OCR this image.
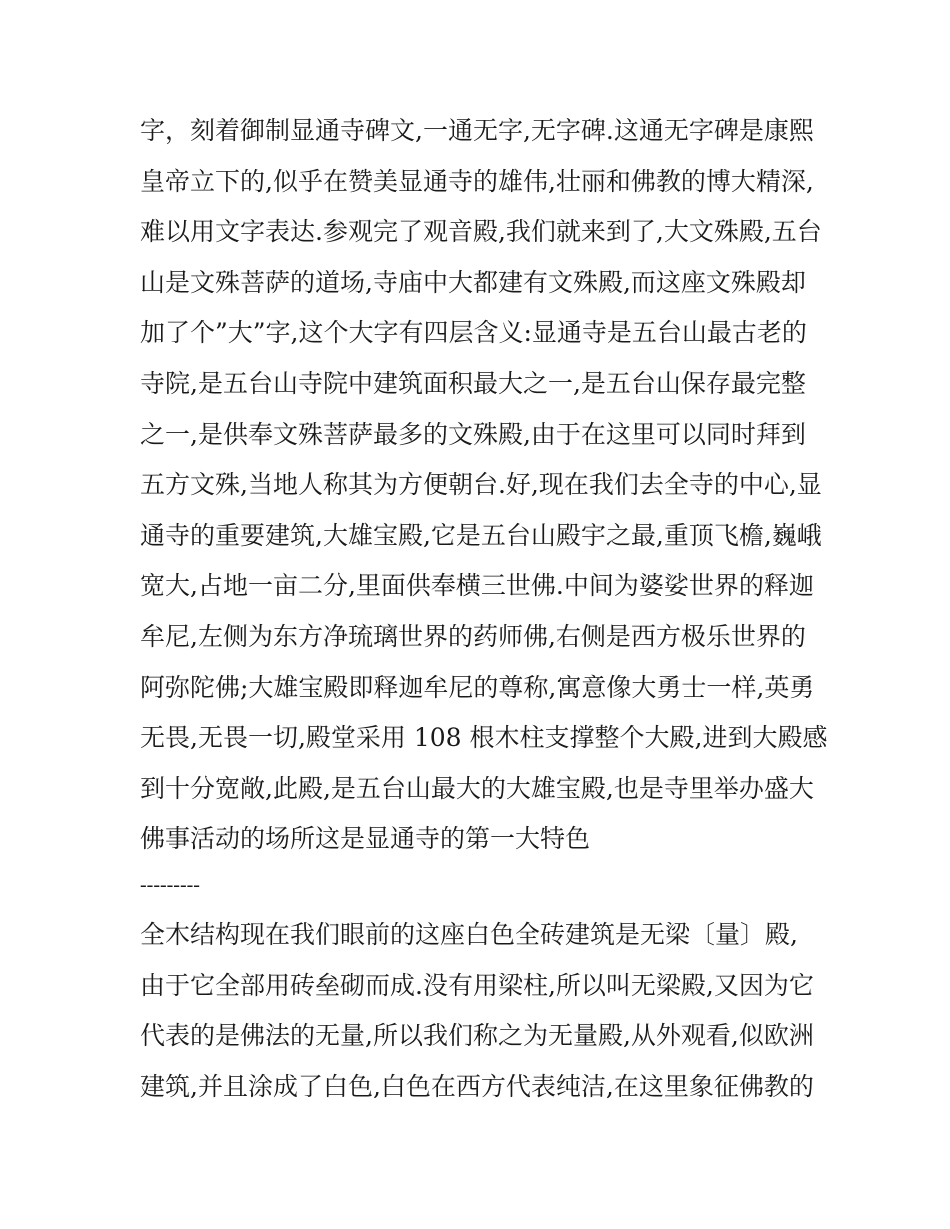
字，刻着御制显通寺碑文,一通无字,无字碑.这通无字碑是康熙
皇帝立下的,似乎在赞美显通寺的雄伟,壮丽和佛教的博大精深,
难以用文字表达.参观完了观音殿,我们就来到了,大文殊殿,五台
山是文殊菩萨的道场,寺庙中大都建有文殊殿,而这座文殊殿却
加了个”大”字,这个大字有四层含义:显通寺是五台山最古老的
寺院,是五台山寺院中建筑面积最大之一,是五台山保存最完整
之一,是供奉文殊菩萨最多的文殊殿,由于在这里可以同时拜到
五方文殊,当地人称其为方便朝台.好,现在我们去全寺的中心,显
通寺的重要建筑,大雄宝殿,它是五台山殿宇之最,重顶飞檐,巍峨
宽大,占地一亩二分,里面供奉横三世佛.中间为婆娑世界的释迦
牟尼,左侧为东方净琉璃世界的药师佛,右侧是西方极乐世界的
阿弥陀佛;大雄宝殿即释迦牟尼的尊称,寓意像大勇士一样,英勇
无畏,无畏一切,殿堂采用 108 根木柱支撑整个大殿,进到大殿感
到十分宽敞,此殿,是五台山最大的大雄宝殿,也是寺里举办盛大
佛事活动的场所这是显通寺的第一大特色
---------
全木结构现在我们眼前的这座白色全砖建筑是无梁〔量〕殿,
由于它全部用砖垒砌而成.没有用梁柱,所以叫无梁殿,又因为它
代表的是佛法的无量,所以我们称之为无量殿,从外观看,似欧洲
建筑,并且涂成了白色,白色在西方代表纯洁,在这里象征佛教的
